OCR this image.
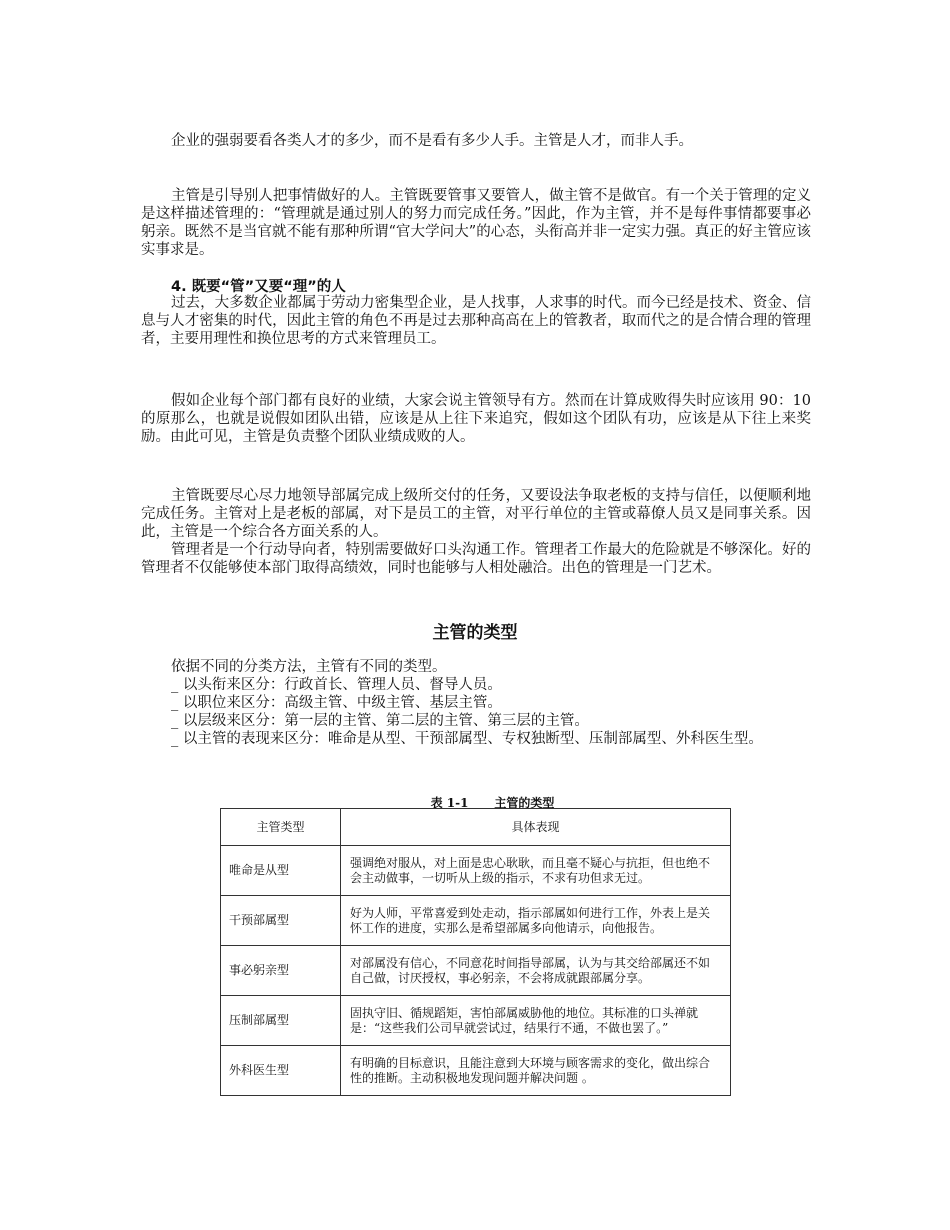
企业的强弱要看各类人才的多少，而不是看有多少人手。主管是人才，而非人手。

主管是引导别人把事情做好的人。主管既要管事又要管人，做主管不是做官。有一个关于管理的定义是这样描述管理的：“管理就是通过别人的努力而完成任务。”因此，作为主管，并不是每件事情都要事必躬亲。既然不是当官就不能有那种所谓“官大学问大”的心态，头衔高并非一定实力强。真正的好主管应该实事求是。

4. 既要“管”又要“理”的人

过去，大多数企业都属于劳动力密集型企业，是人找事，人求事的时代。而今已经是技术、资金、信息与人才密集的时代，因此主管的角色不再是过去那种高高在上的管教者，取而代之的是合情合理的管理者，主要用理性和换位思考的方式来管理员工。

假如企业每个部门都有良好的业绩，大家会说主管领导有方。然而在计算成败得失时应该用 90：10 的原那么，也就是说假如团队出错，应该是从上往下来追究，假如这个团队有功，应该是从下往上来奖励。由此可见，主管是负责整个团队业绩成败的人。

主管既要尽心尽力地领导部属完成上级所交付的任务，又要设法争取老板的支持与信任，以便顺利地完成任务。主管对上是老板的部属，对下是员工的主管，对平行单位的主管或幕僚人员又是同事关系。因此，主管是一个综合各方面关系的人。

管理者是一个行动导向者，特别需要做好口头沟通工作。管理者工作最大的危险就是不够深化。好的管理者不仅能够使本部门取得高绩效，同时也能够与人相处融洽。出色的管理是一门艺术。

主管的类型

依据不同的分类方法，主管有不同的类型。

_ 以头衔来区分：行政首长、管理人员、督导人员。
_ 以职位来区分：高级主管、中级主管、基层主管。
_ 以层级来区分：第一层的主管、第二层的主管、第三层的主管。
_ 以主管的表现来区分：唯命是从型、干预部属型、专权独断型、压制部属型、外科医生型。

表 1-1 主管的类型

主管类型	具体表现
唯命是从型	强调绝对服从，对上面是忠心耿耿，而且毫不疑心与抗拒，但也绝不会主动做事，一切听从上级的指示，不求有功但求无过。
干预部属型	好为人师，平常喜爱到处走动，指示部属如何进行工作，外表上是关怀工作的进度，实那么是希望部属多向他请示，向他报告。
事必躬亲型	对部属没有信心，不同意花时间指导部属，认为与其交给部属还不如自己做，讨厌授权，事必躬亲，不会将成就跟部属分享。
压制部属型	固执守旧、循规蹈矩，害怕部属威胁他的地位。其标准的口头禅就是：“这些我们公司早就尝试过，结果行不通，不做也罢了。”
外科医生型	有明确的目标意识，且能注意到大环境与顾客需求的变化，做出综合性的推断。主动积极地发现问题并解决问题 。
